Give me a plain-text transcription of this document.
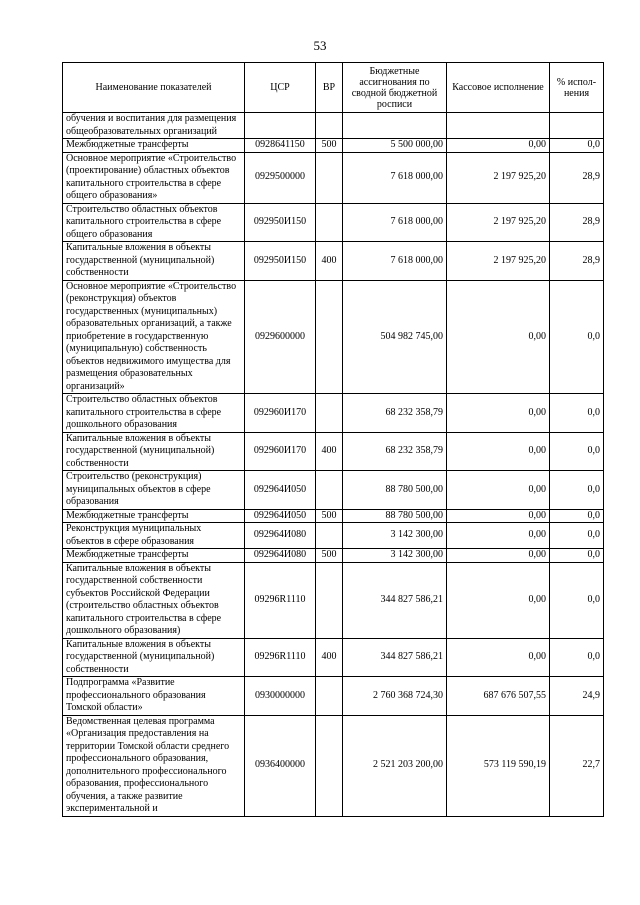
53
Наименование показателей	ЦСР	ВР	Бюджетные ассигнования по сводной бюджетной росписи	Кассовое исполнение	% испол-нения
обучения и воспитания для размещения общеобразовательных организаций					
Межбюджетные трансферты	0928641150	500	5 500 000,00	0,00	0,0
Основное мероприятие «Строительство (проектирование) областных объектов капитального строительства в сфере общего образования»	0929500000		7 618 000,00	2 197 925,20	28,9
Строительство областных объектов капитального строительства в сфере общего образования	092950И150		7 618 000,00	2 197 925,20	28,9
Капитальные вложения в объекты государственной (муниципальной) собственности	092950И150	400	7 618 000,00	2 197 925,20	28,9
Основное мероприятие «Строительство (реконструкция) объектов государственных (муниципальных) образовательных организаций, а также приобретение в государственную (муниципальную) собственность объектов недвижимого имущества для размещения образовательных организаций»	0929600000		504 982 745,00	0,00	0,0
Строительство областных объектов капитального строительства в сфере дошкольного образования	092960И170		68 232 358,79	0,00	0,0
Капитальные вложения в объекты государственной (муниципальной) собственности	092960И170	400	68 232 358,79	0,00	0,0
Строительство (реконструкция) муниципальных объектов в сфере образования	092964И050		88 780 500,00	0,00	0,0
Межбюджетные трансферты	092964И050	500	88 780 500,00	0,00	0,0
Реконструкция муниципальных объектов в сфере образования	092964И080		3 142 300,00	0,00	0,0
Межбюджетные трансферты	092964И080	500	3 142 300,00	0,00	0,0
Капитальные вложения в объекты государственной собственности субъектов Российской Федерации (строительство областных объектов капитального строительства в сфере дошкольного образования)	09296R1110		344 827 586,21	0,00	0,0
Капитальные вложения в объекты государственной (муниципальной) собственности	09296R1110	400	344 827 586,21	0,00	0,0
Подпрограмма «Развитие профессионального образования Томской области»	0930000000		2 760 368 724,30	687 676 507,55	24,9
Ведомственная целевая программа «Организация предоставления на территории Томской области среднего профессионального образования, дополнительного профессионального образования, профессионального обучения, а также развитие экспериментальной и	0936400000		2 521 203 200,00	573 119 590,19	22,7
